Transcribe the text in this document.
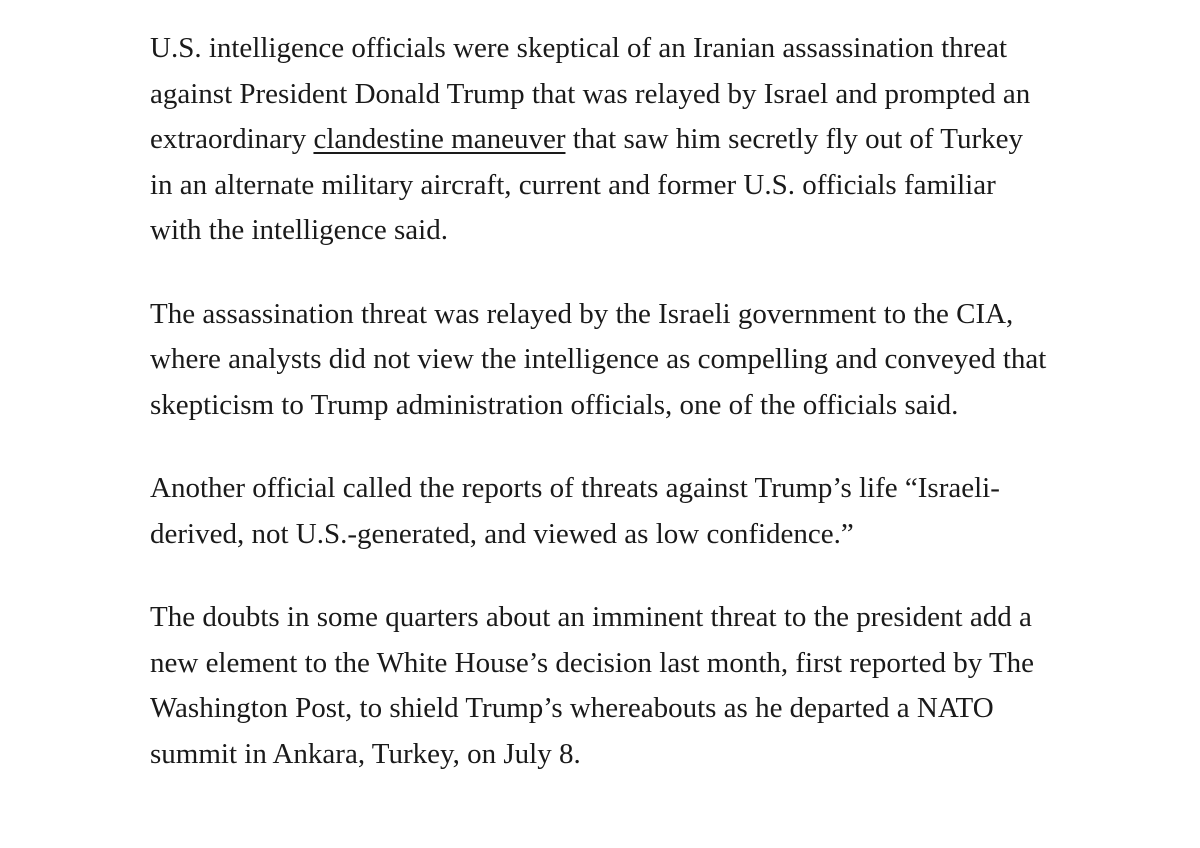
U.S. intelligence officials were skeptical of an Iranian assassination threat against President Donald Trump that was relayed by Israel and prompted an extraordinary clandestine maneuver that saw him secretly fly out of Turkey in an alternate military aircraft, current and former U.S. officials familiar with the intelligence said.

The assassination threat was relayed by the Israeli government to the CIA, where analysts did not view the intelligence as compelling and conveyed that skepticism to Trump administration officials, one of the officials said.

Another official called the reports of threats against Trump’s life “Israeli-derived, not U.S.-generated, and viewed as low confidence.”

The doubts in some quarters about an imminent threat to the president add a new element to the White House’s decision last month, first reported by The Washington Post, to shield Trump’s whereabouts as he departed a NATO summit in Ankara, Turkey, on July 8.
